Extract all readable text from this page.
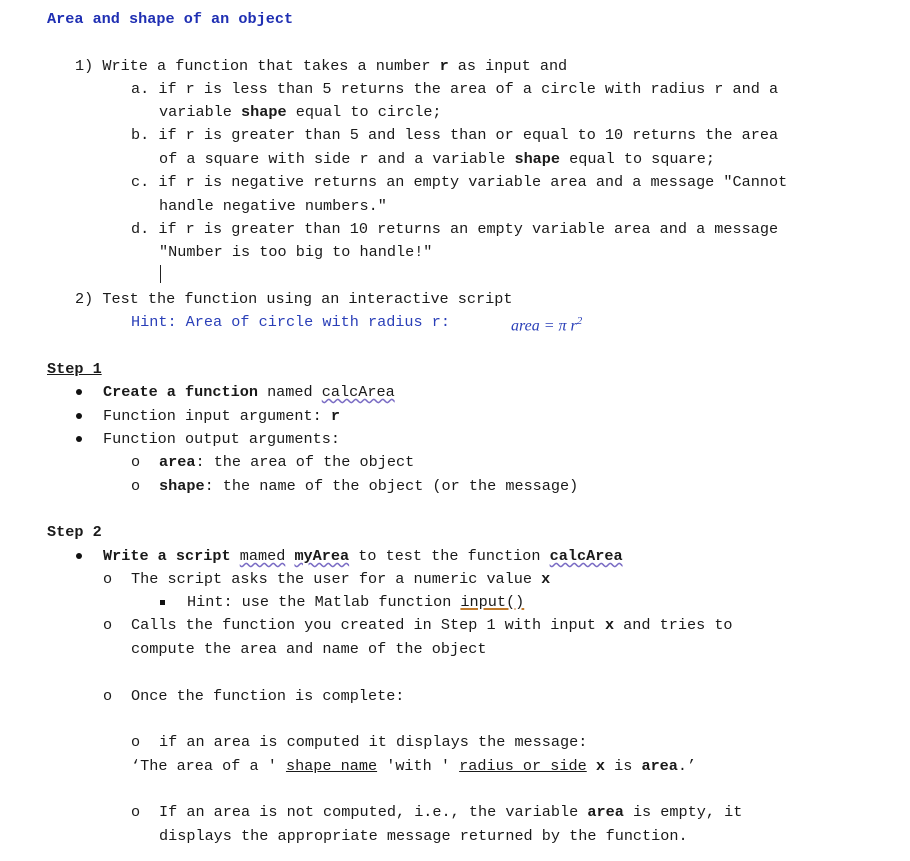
Area and shape of an object
1) Write a function that takes a number r as input and
a. if r is less than 5 returns the area of a circle with radius r and a
variable shape equal to circle;
b. if r is greater than 5 and less than or equal to 10 returns the area
of a square with side r and a variable shape equal to square;
c. if r is negative returns an empty variable area and a message "Cannot
handle negative numbers."
d. if r is greater than 10 returns an empty variable area and a message
"Number is too big to handle!"
2) Test the function using an interactive script
Hint: Area of circle with radius r:	area = π $r^2$
Step 1
Create a function named calcArea
Function input argument: r
Function output arguments:
o area: the area of the object
o shape: the name of the object (or the message)
Step 2
Write a script mamed myArea to test the function calcArea
o The script asks the user for a numeric value x
Hint: use the Matlab function input()
o Calls the function you created in Step 1 with input x and tries to
compute the area and name of the object
o Once the function is complete:
o if an area is computed it displays the message:
‘The area of a ' shape name 'with ' radius or side x is area.’
o If an area is not computed, i.e., the variable area is empty, it
displays the appropriate message returned by the function.
